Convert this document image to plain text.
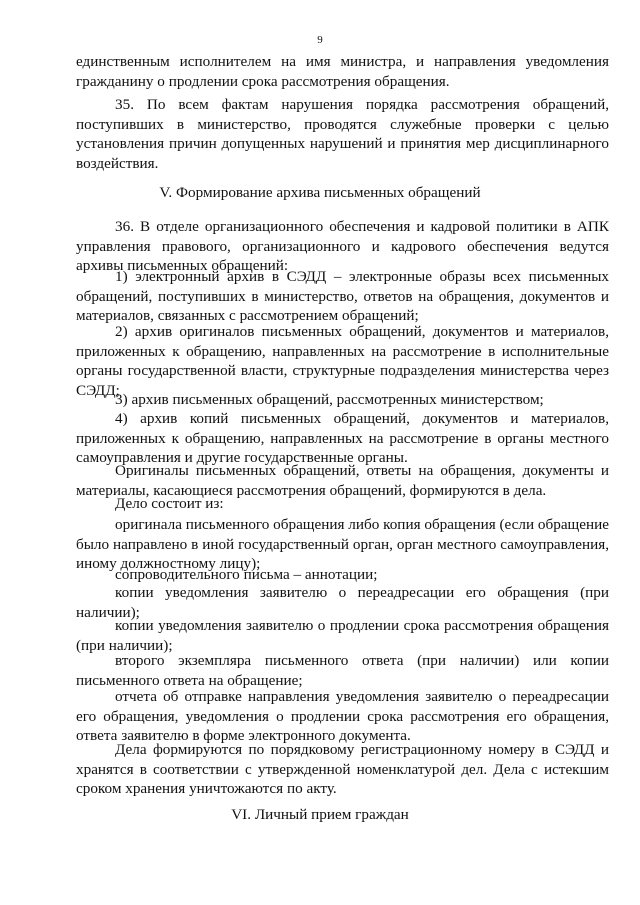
9

единственным исполнителем на имя министра, и направления уведомления гражданину о продлении срока рассмотрения обращения.

35. По всем фактам нарушения порядка рассмотрения обращений, поступивших в министерство, проводятся служебные проверки с целью установления причин допущенных нарушений и принятия мер дисциплинарного воздействия.

V. Формирование архива письменных обращений

36. В отделе организационного обеспечения и кадровой политики в АПК управления правового, организационного и кадрового обеспечения ведутся архивы письменных обращений:

1) электронный архив в СЭДД – электронные образы всех письменных обращений, поступивших в министерство, ответов на обращения, документов и материалов, связанных с рассмотрением обращений;

2) архив оригиналов письменных обращений, документов и материалов, приложенных к обращению, направленных на рассмотрение в исполнительные органы государственной власти, структурные подразделения министерства через СЭДД;

3) архив письменных обращений, рассмотренных министерством;

4) архив копий письменных обращений, документов и материалов, приложенных к обращению, направленных на рассмотрение в органы местного самоуправления и другие государственные органы.

Оригиналы письменных обращений, ответы на обращения, документы и материалы, касающиеся рассмотрения обращений, формируются в дела.

Дело состоит из:

оригинала письменного обращения либо копия обращения (если обращение было направлено в иной государственный орган, орган местного самоуправления, иному должностному лицу);

сопроводительного письма – аннотации;

копии уведомления заявителю о переадресации его обращения (при наличии);

копии уведомления заявителю о продлении срока рассмотрения обращения (при наличии);

второго экземпляра письменного ответа (при наличии) или копии письменного ответа на обращение;

отчета об отправке направления уведомления заявителю о переадресации его обращения, уведомления о продлении срока рассмотрения его обращения, ответа заявителю в форме электронного документа.

Дела формируются по порядковому регистрационному номеру в СЭДД и хранятся в соответствии с утвержденной номенклатурой дел. Дела с истекшим сроком хранения уничтожаются по акту.

VI. Личный прием граждан
